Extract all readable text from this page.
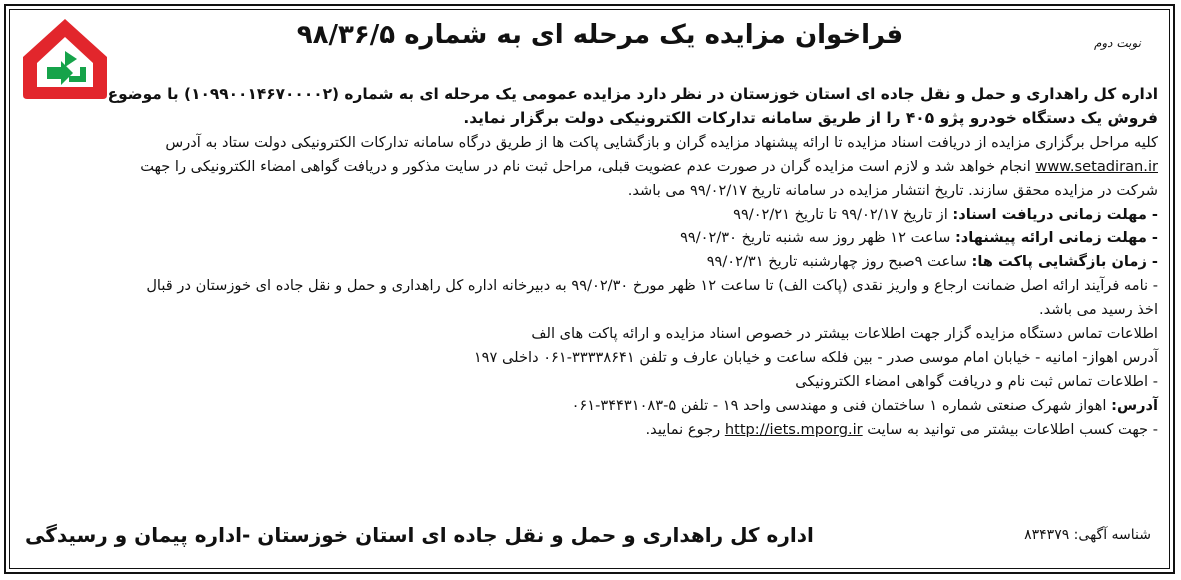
نوبت دوم
فراخوان مزایده یک مرحله ای به شماره ۹۸/۳۶/۵

اداره کل راهداری و حمل و نقل جاده ای استان خوزستان در نظر دارد مزایده عمومی یک مرحله ای به شماره (۱۰۹۹۰۰۱۴۶۷۰۰۰۰۲) با موضوع

فروش یک دستگاه خودرو پژو ۴۰۵ را از طریق سامانه تدارکات الکترونیکی دولت برگزار نماید.

کلیه مراحل برگزاری مزایده از دریافت اسناد مزایده تا ارائه پیشنهاد مزایده گران و بازگشایی پاکت ها از طریق درگاه سامانه تدارکات الکترونیکی دولت ستاد به آدرس

www.setadiran.ir انجام خواهد شد و لازم است مزایده گران در صورت عدم عضویت قبلی، مراحل ثبت نام در سایت مذکور و دریافت گواهی امضاء الکترونیکی را جهت

شرکت در مزایده محقق سازند. تاریخ انتشار مزایده در سامانه تاریخ ۹۹/۰۲/۱۷ می باشد.

- مهلت زمانی دریافت اسناد: از تاریخ ۹۹/۰۲/۱۷ تا تاریخ ۹۹/۰۲/۲۱

- مهلت زمانی ارائه پیشنهاد: ساعت ۱۲ ظهر روز سه شنبه تاریخ ۹۹/۰۲/۳۰

- زمان بازگشایی پاکت ها: ساعت ۹صبح روز چهارشنبه تاریخ ۹۹/۰۲/۳۱

- نامه فرآیند ارائه اصل ضمانت ارجاع و واریز نقدی (پاکت الف) تا ساعت ۱۲ ظهر مورخ ۹۹/۰۲/۳۰ به دبیرخانه اداره کل راهداری و حمل و نقل جاده ای خوزستان در قبال

اخذ رسید می باشد.

اطلاعات تماس دستگاه مزایده گزار جهت اطلاعات بیشتر در خصوص اسناد مزایده و ارائه پاکت های الف

آدرس اهواز- امانیه - خیابان امام موسی صدر - بین فلکه ساعت و خیابان عارف و تلفن ۳۳۳۳۸۶۴۱-۰۶۱ داخلی ۱۹۷

- اطلاعات تماس ثبت نام و دریافت گواهی امضاء الکترونیکی

آدرس: اهواز شهرک صنعتی شماره ۱ ساختمان فنی و مهندسی واحد ۱۹ - تلفن ۵-۳۴۴۳۱۰۸۳-۰۶۱

- جهت کسب اطلاعات بیشتر می توانید به سایت http://iets.mporg.ir رجوع نمایید.

شناسه آگهی: ۸۳۴۳۷۹
اداره کل راهداری و حمل و نقل جاده ای استان خوزستان -اداره پیمان و رسیدگی
